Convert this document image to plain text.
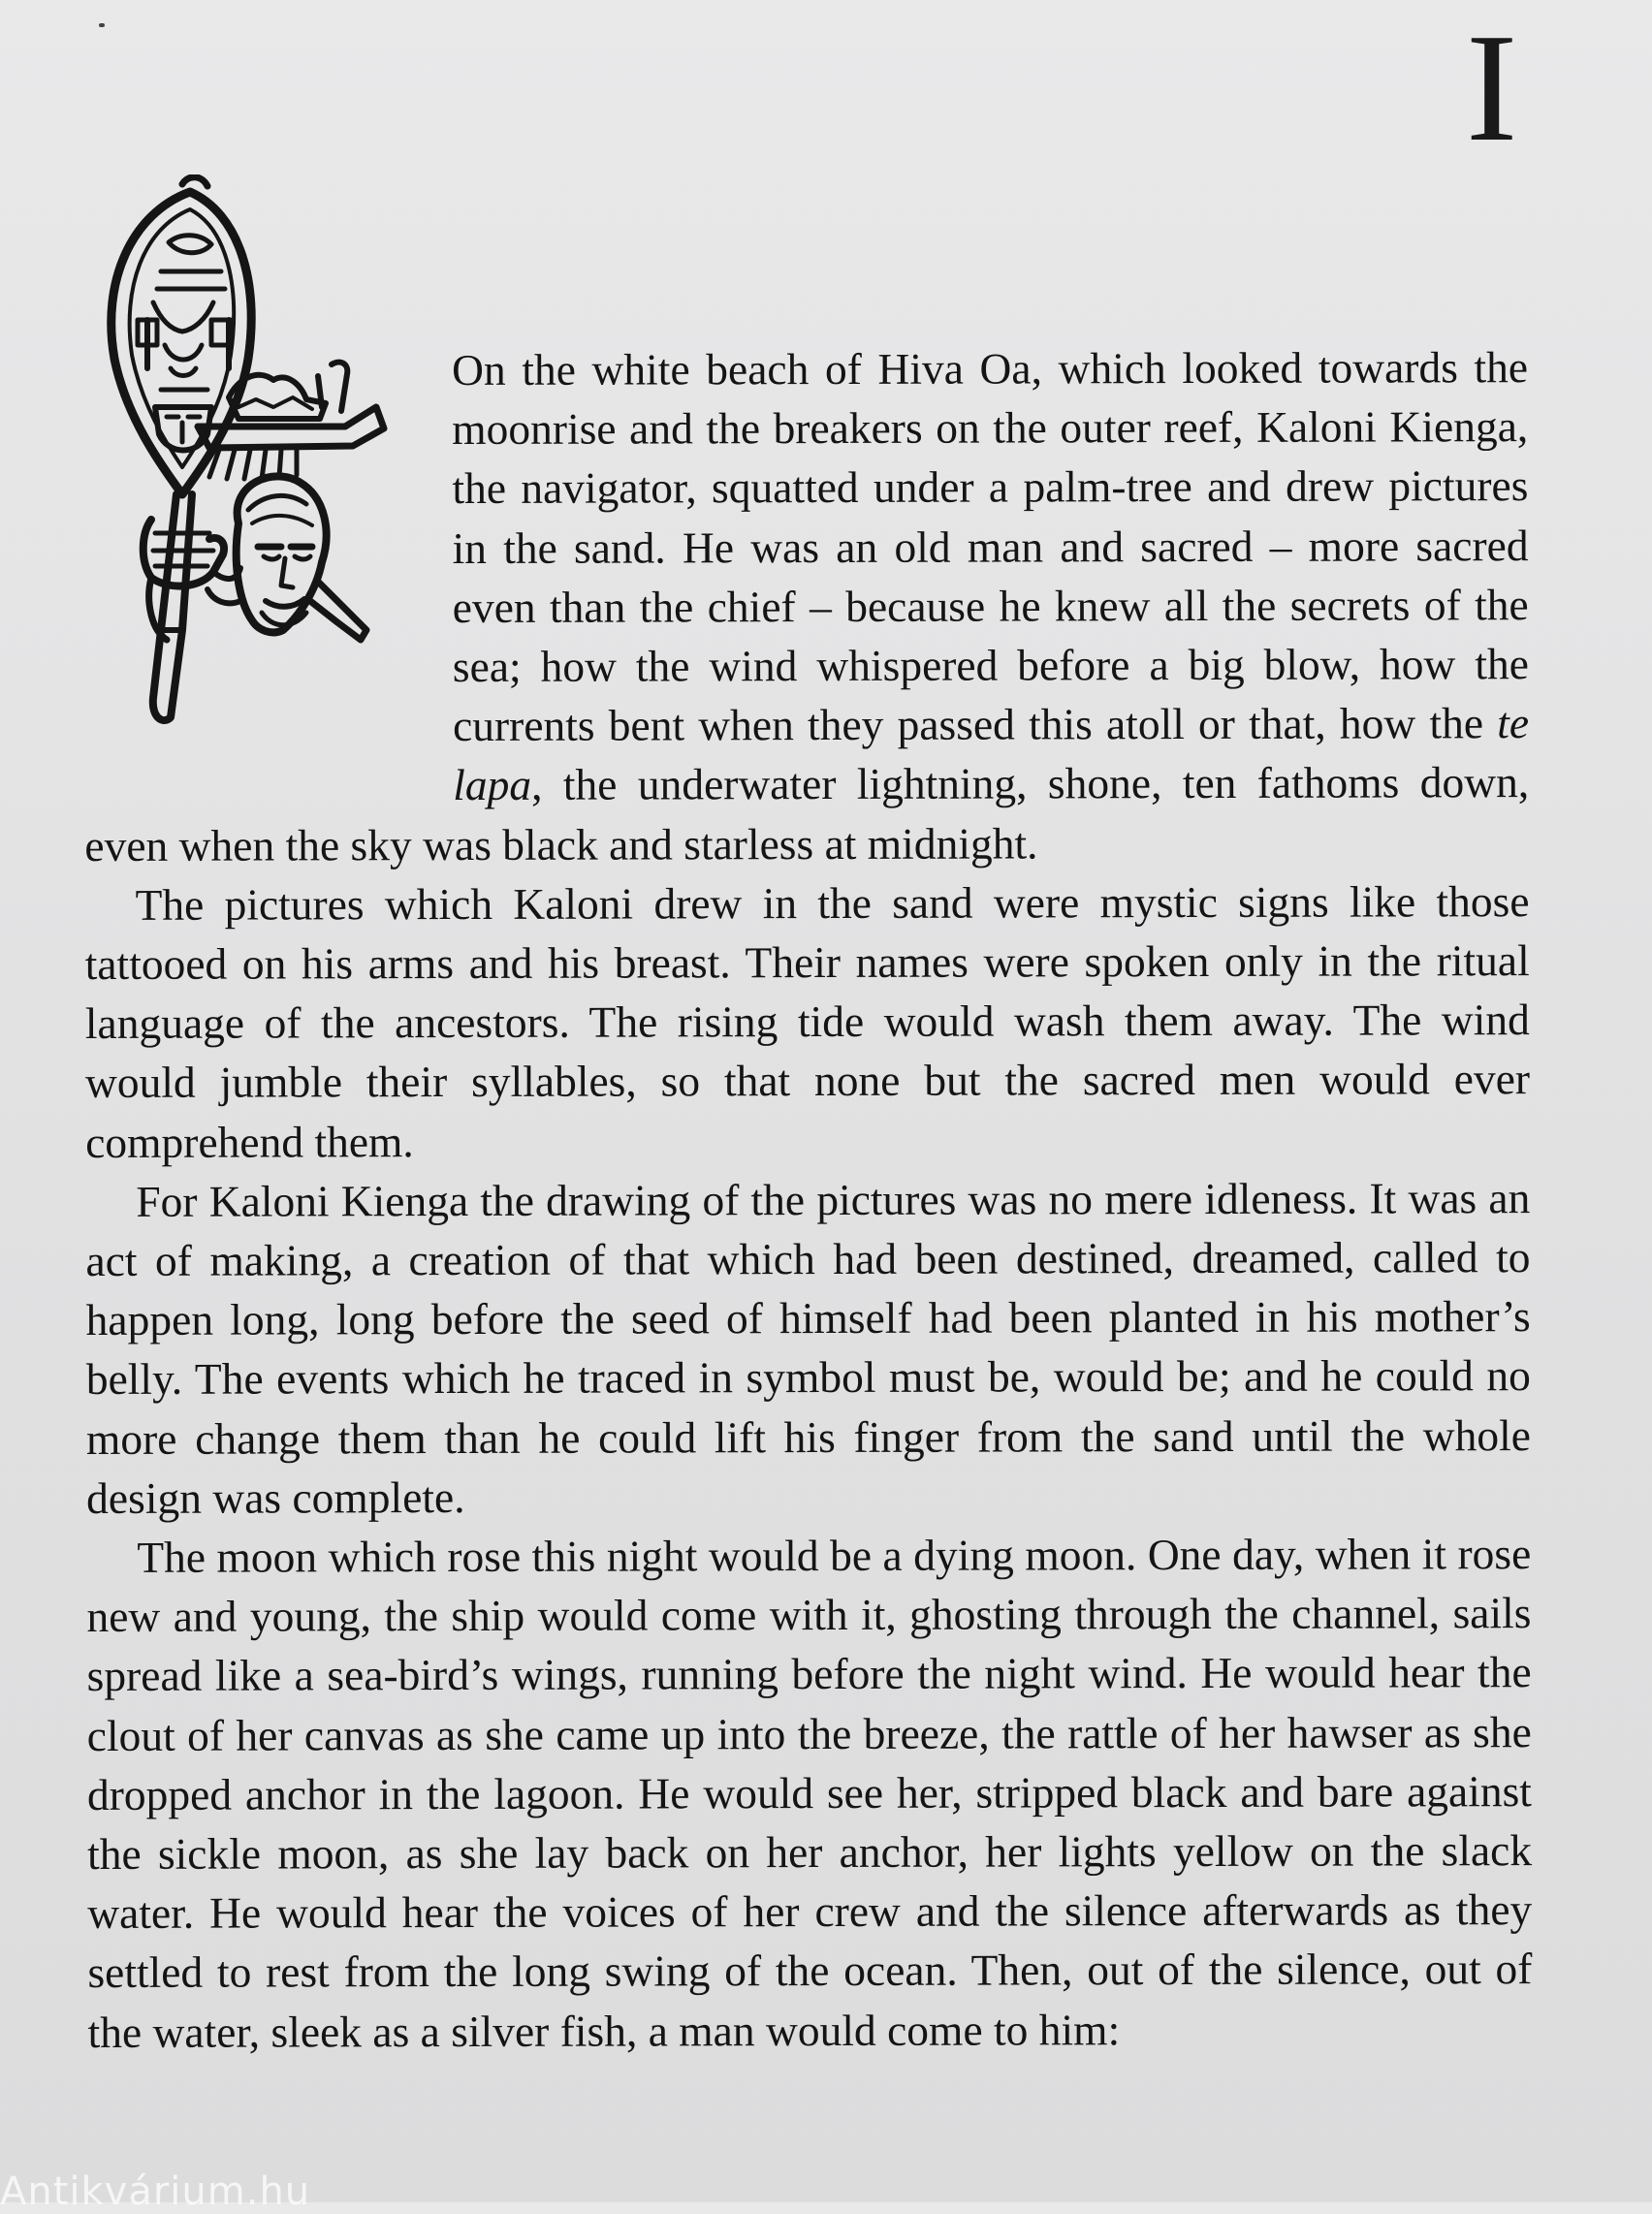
I

On the white beach of Hiva Oa, which looked towards the moonrise and the breakers on the outer reef, Kaloni Kienga, the navigator, squatted under a palm-tree and drew pictures in the sand. He was an old man and sacred – more sacred even than the chief – because he knew all the secrets of the sea; how the wind whispered before a big blow, how the currents bent when they passed this atoll or that, how the te lapa, the underwater lightning, shone, ten fathoms down, even when the sky was black and starless at midnight.

The pictures which Kaloni drew in the sand were mystic signs like those tattooed on his arms and his breast. Their names were spoken only in the ritual language of the ancestors. The rising tide would wash them away. The wind would jumble their syllables, so that none but the sacred men would ever comprehend them.

For Kaloni Kienga the drawing of the pictures was no mere idleness. It was an act of making, a creation of that which had been destined, dreamed, called to happen long, long before the seed of himself had been planted in his mother’s belly. The events which he traced in symbol must be, would be; and he could no more change them than he could lift his finger from the sand until the whole design was complete.

The moon which rose this night would be a dying moon. One day, when it rose new and young, the ship would come with it, ghosting through the channel, sails spread like a sea-bird’s wings, running before the night wind. He would hear the clout of her canvas as she came up into the breeze, the rattle of her hawser as she dropped anchor in the lagoon. He would see her, stripped black and bare against the sickle moon, as she lay back on her anchor, her lights yellow on the slack water. He would hear the voices of her crew and the silence afterwards as they settled to rest from the long swing of the ocean. Then, out of the silence, out of the water, sleek as a silver fish, a man would come to him:

Antikvárium.hu
